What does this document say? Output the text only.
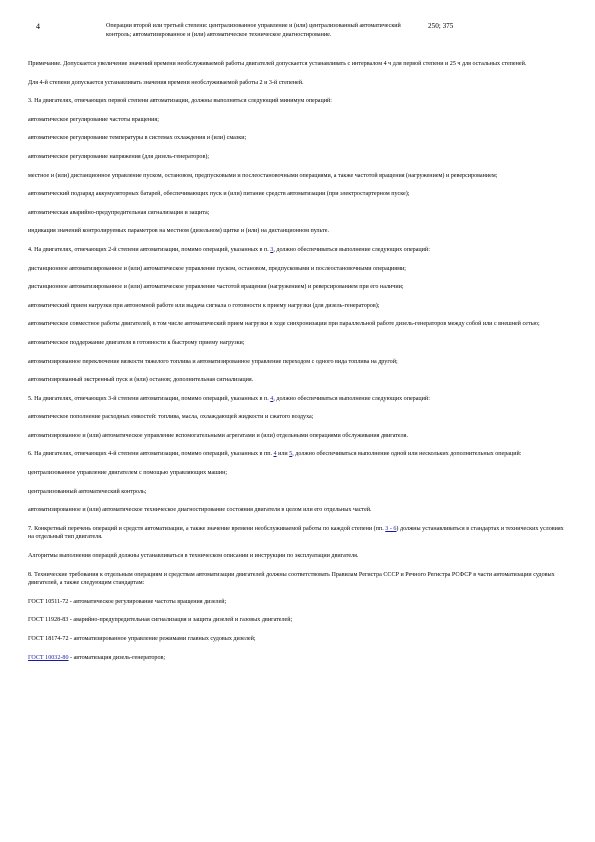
4	Операции второй или третьей степени: централизованное управление и (или) централизованный автоматический контроль; автоматизированное и (или) автоматическое техническое диагностирование.
250; 375

Примечание. Допускается увеличение значений времени необслуживаемой работы двигателей допускается устанавливать с интервалом 4 ч для первой степени и 25 ч для остальных степеней.

Для 4-й степени допускается устанавливать значения времени необслуживаемой работы 2 и 3-й степеней.

3. На двигателях, отвечающих первой степени автоматизации, должны выполняться следующий минимум операций:

автоматическое регулирование частоты вращения;

автоматическое регулирование температуры в системах охлаждения и (или) смазки;

автоматическое регулирование напряжения (для дизель-генераторов);

местное и (или) дистанционное управление пуском, остановом, предпусковыми и послеостановочными операциями, а также частотой вращения (нагружением) и реверсированием;

автоматический подзаряд аккумуляторных батарей, обеспечивающих пуск и (или) питание средств автоматизации (при электростартерном пуске);

автоматическая аварийно-предупредительная сигнализация и защита;

индикация значений контролируемых параметров на местном (дизельном) щитке и (или) на дистанционном пульте.

4. На двигателях, отвечающих 2-й степени автоматизации, помимо операций, указанных в п. 3, должно обеспечиваться выполнение следующих операций:

дистанционное автоматизированное и (или) автоматическое управление пуском, остановом, предпусковыми и послеостановочными операциями;

дистанционное автоматизированное и (или) автоматическое управление частотой вращения (нагружением) и реверсированием при его наличии;

автоматический прием нагрузки при автономной работе или выдача сигнала о готовности к приему нагрузки (для дизель-генераторов);

автоматическое совместное работы двигателей, в том числе автоматический прием нагрузки в ходе синхронизации при параллельной работе дизель-генераторов между собой или с внешней сетью;

автоматическое поддержание двигателя в готовности к быстрому приему нагрузки;

автоматизированное переключение вязкости тяжелого топлива и автоматизированное управление переходом с одного вида топлива на другой;

автоматизированный экстренный пуск и (или) останов; дополнительная сигнализация.

5. На двигателях, отвечающих 3-й степени автоматизации, помимо операций, указанных в п. 4, должно обеспечиваться выполнение следующих операций:

автоматическое пополнение расходных емкостей: топлива, масла, охлаждающей жидкости и сжатого воздуха;

автоматизированное и (или) автоматическое управление вспомогательными агрегатами и (или) отдельными операциями обслуживания двигателя.

6. На двигателях, отвечающих 4-й степени автоматизации, помимо операций, указанных в пп. 4 или 5, должно обеспечиваться выполнение одной или нескольких дополнительных операций:

централизованное управление двигателем с помощью управляющих машин;

централизованный автоматический контроль;

автоматизированное и (или) автоматическое техническое диагностирование состояния двигателя в целом или его отдельных частей.

7. Конкретный перечень операций и средств автоматизации, а также значение времени необслуживаемой работы по каждой степени (пп. 3 - 6) должны устанавливаться в стандартах и технических условиях на отдельный тип двигателя.

Алгоритмы выполнения операций должны устанавливаться в техническом описании и инструкции по эксплуатации двигателя.

8. Технические требования к отдельным операциям и средствам автоматизации двигателей должны соответствовать Правилам Регистра СССР и Речного Регистра РСФСР в части автоматизации судовых двигателей, а также следующим стандартам:

ГОСТ 10511-72 - автоматическое регулирование частоты вращения дизелей;

ГОСТ 11928-83 - аварийно-предупредительная сигнализация и защита дизелей и газовых двигателей;

ГОСТ 18174-72 - автоматизированное управление режимами главных судовых дизелей;

ГОСТ 10032-80 - автоматизация дизель-генераторов;
